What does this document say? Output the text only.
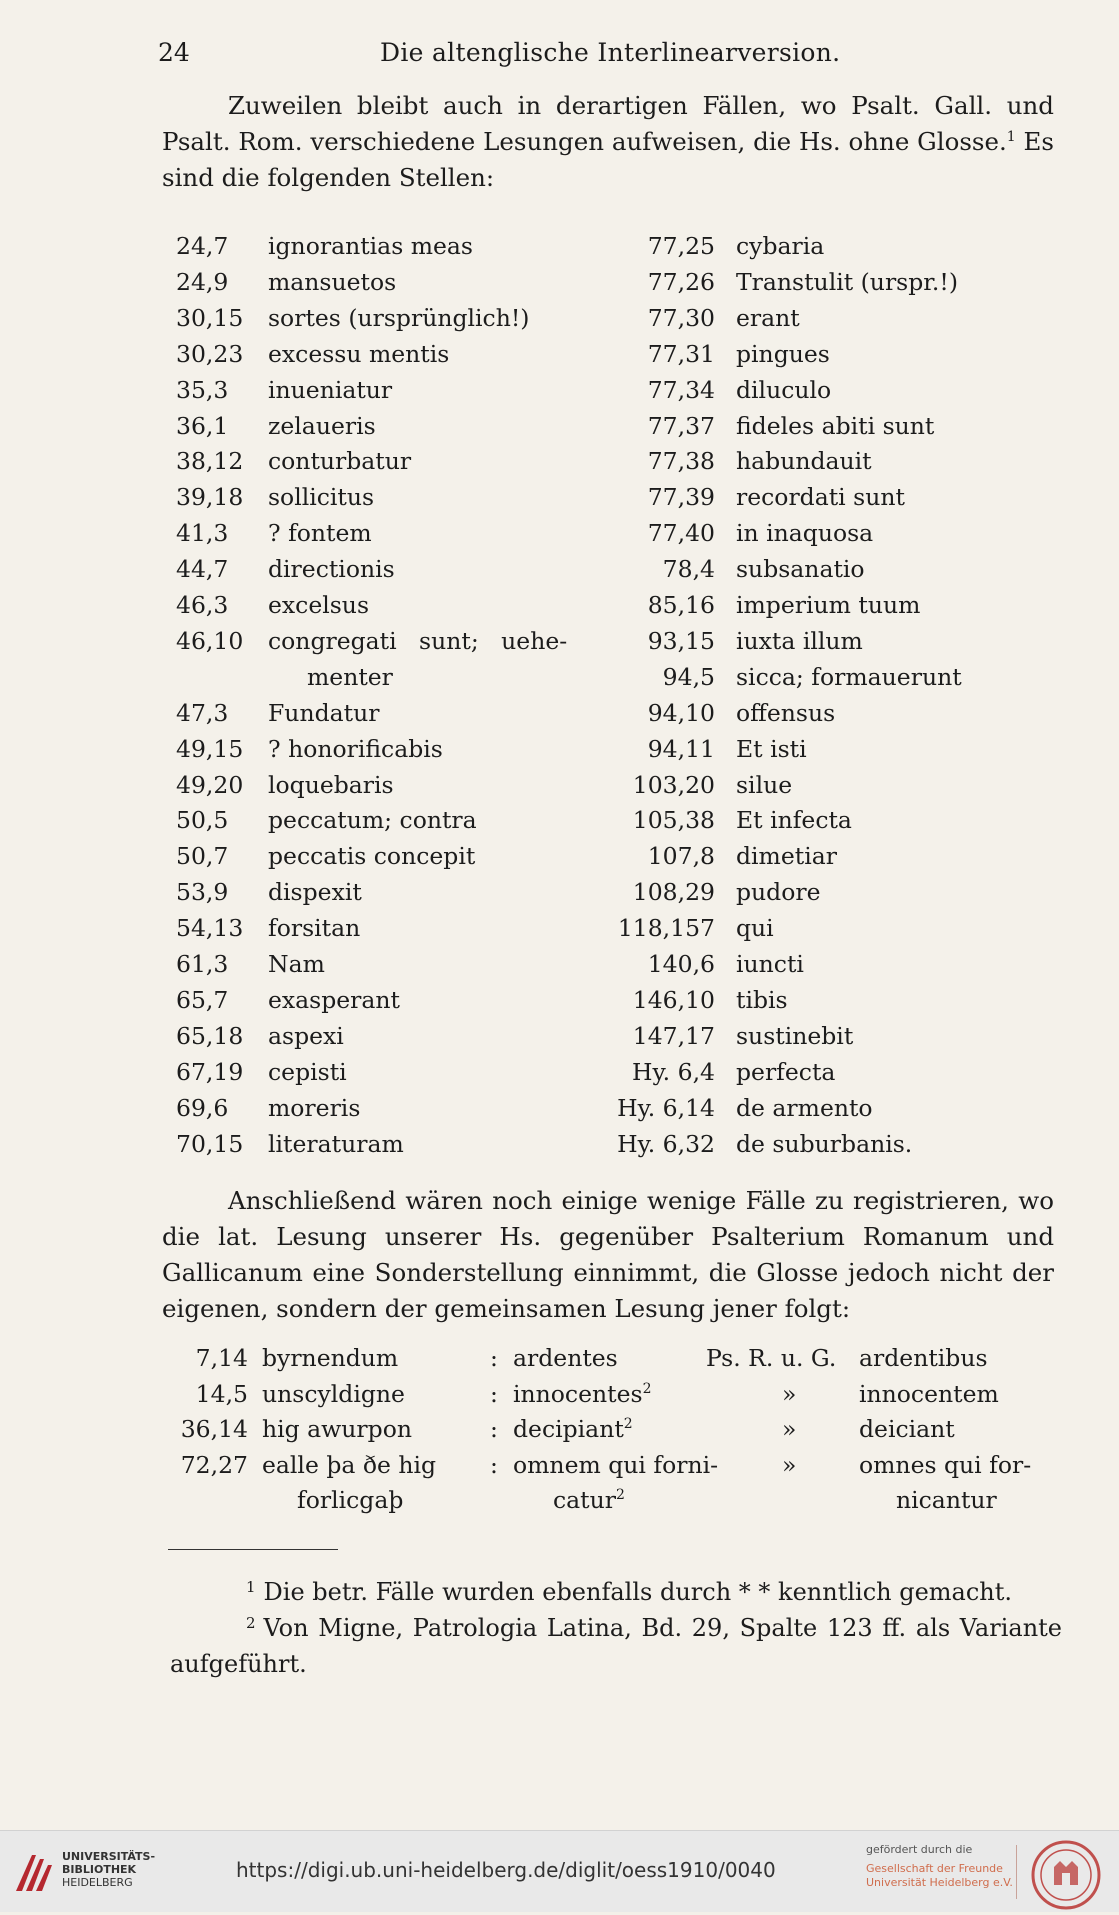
24	Die altenglische Interlinearversion.

Zuweilen bleibt auch in derartigen Fällen, wo Psalt. Gall. und Psalt. Rom. verschiedene Lesungen aufweisen, die Hs. ohne Glosse.$^1$ Es sind die folgenden Stellen:

24,7 ignorantias meas
24,9 mansuetos
30,15 sortes (ursprünglich!)
30,23 excessu mentis
35,3 inueniatur
36,1 zelaueris
38,12 conturbatur
39,18 sollicitus
41,3 ? fontem
44,7 directionis
46,3 excelsus
46,10 congregati   sunt;   uehe-
menter
47,3 Fundatur
49,15 ? honorificabis
49,20 loquebaris
50,5 peccatum; contra
50,7 peccatis concepit
53,9 dispexit
54,13 forsitan
61,3 Nam
65,7 exasperant
65,18 aspexi
67,19 cepisti
69,6 moreris
70,15 literaturam
77,25 cybaria
77,26 Transtulit (urspr.!)
77,30 erant
77,31 pingues
77,34 diluculo
77,37 fideles abiti sunt
77,38 habundauit
77,39 recordati sunt
77,40 in inaquosa
78,4 subsanatio
85,16 imperium tuum
93,15 iuxta illum
94,5 sicca; formauerunt
94,10 offensus
94,11 Et isti
103,20 silue
105,38 Et infecta
107,8 dimetiar
108,29 pudore
118,157 qui
140,6 iuncti
146,10 tibis
147,17 sustinebit
Hy. 6,4 perfecta
Hy. 6,14 de armento
Hy. 6,32 de suburbanis.

Anschließend wären noch einige wenige Fälle zu registrieren, wo die lat. Lesung unserer Hs. gegenüber Psalterium Romanum und Gallicanum eine Sonderstellung einnimmt, die Glosse jedoch nicht der eigenen, sondern der gemeinsamen Lesung jener folgt:

7,14 byrnendum	: ardentes	Ps. R. u. G. ardentibus
14,5 unscyldigne	: innocentes$^2$	»	innocentem
36,14 hig awurpon	: decipiant$^2$	»	deiciant
72,27 ealle þa ðe hig : omnem qui forni-	»	omnes qui for-
forlicgaþ	catur$^2$	nicantur

$^1$ Die betr. Fälle wurden ebenfalls durch * * kenntlich gemacht.

$^2$ Von Migne, Patrologia Latina, Bd. 29, Spalte 123 ff. als Variante aufgeführt.

UNIVERSITÄTS-
BIBLIOTHEK
HEIDELBERG
https://digi.ub.uni-heidelberg.de/diglit/oess1910/0040
gefördert durch die
Gesellschaft der Freunde
Universität Heidelberg e.V.
